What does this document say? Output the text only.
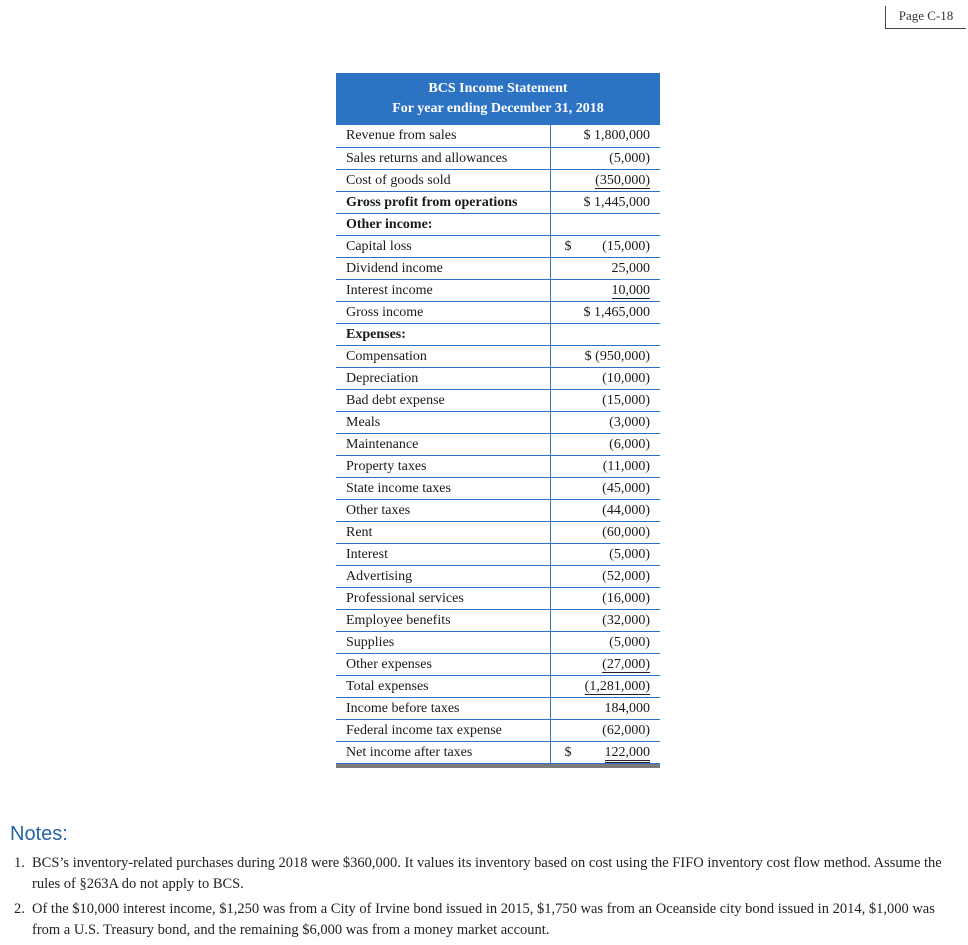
Page C-18
BCS Income Statement
For year ending December 31, 2018
Revenue from sales	$ 1,800,000
Sales returns and allowances	(5,000)
Cost of goods sold	(350,000)
Gross profit from operations	$ 1,445,000
Other income:	

Capital loss	$ (15,000)
Dividend income	25,000
Interest income	10,000
Gross income	$ 1,465,000
Expenses:	

Compensation	$ (950,000)
Depreciation	(10,000)
Bad debt expense	(15,000)
Meals	(3,000)
Maintenance	(6,000)
Property taxes	(11,000)
State income taxes	(45,000)
Other taxes	(44,000)
Rent	(60,000)
Interest	(5,000)
Advertising	(52,000)
Professional services	(16,000)
Employee benefits	(32,000)
Supplies	(5,000)
Other expenses	(27,000)
Total expenses	(1,281,000)
Income before taxes	184,000
Federal income tax expense	(62,000)
Net income after taxes	$ 122,000
Notes:
1. BCS’s inventory-related purchases during 2018 were $360,000. It values its inventory based on cost using the FIFO inventory cost flow method. Assume the rules of §263A do not apply to BCS.
2. Of the $10,000 interest income, $1,250 was from a City of Irvine bond issued in 2015, $1,750 was from an Oceanside city bond issued in 2014, $1,000 was from a U.S. Treasury bond, and the remaining $6,000 was from a money market account.
